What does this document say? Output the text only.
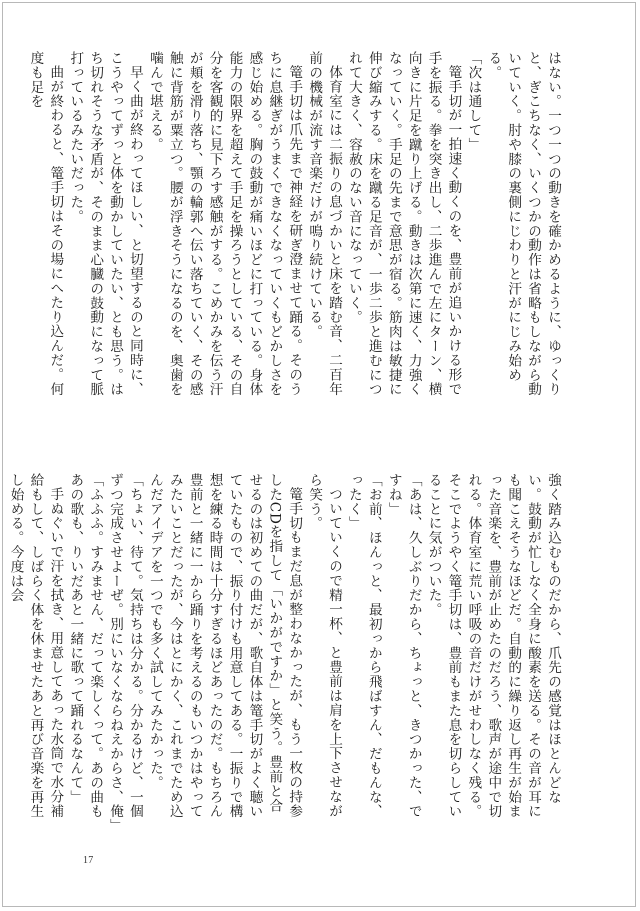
はない。一つ一つの動きを確かめるように、ゆっくりと、ぎこちなく、いくつかの動作は省略もしながら動いていく。肘や膝の裏側にじわりと汗がにじみ始める。

「次は通して」

篭手切が一拍速く動くのを、豊前が追いかける形で手を振る。拳を突き出し、二歩進んで左にターン、横向きに片足を蹴り上げる。動きは次第に速く、力強くなっていく。手足の先まで意思が宿る。筋肉は敏捷に伸び縮みする。床を蹴る足音が、一歩二歩と進むにつれて大きく、容赦のない音になっていく。

体育室には二振りの息づかいと床を踏む音、二百年前の機械が流す音楽だけが鳴り続けている。

篭手切は爪先まで神経を研ぎ澄ませて踊る。そのうちに息継ぎがうまくできなくなっていくもどかしさを感じ始める。胸の鼓動が痛いほどに打っている。身体能力の限界を超えて手足を操ろうとしている、その自分を客観的に見下ろす感触がする。こめかみを伝う汗が頬を滑り落ち、顎の輪郭へ伝い落ちていく、その感触に背筋が粟立つ。腰が浮きそうになるのを、奥歯を噛んで堪える。

早く曲が終わってほしい、と切望するのと同時に、こうやってずっと体を動かしていたい、とも思う。はち切れそうな矛盾が、そのまま心臓の鼓動になって脈打っているみたいだった。

曲が終わると、篭手切はその場にへたり込んだ。何度も足を

強く踏み込むものだから、爪先の感覚はほとんどない。鼓動が忙しなく全身に酸素を送る。その音が耳にも聞こえそうなほどだ。自動的に繰り返し再生が始まった音楽を、豊前が止めたのだろう、歌声が途中で切れる。体育室に荒い呼吸の音だけがせわしなく残る。そこでようやく篭手切は、豊前もまた息を切らしていることに気がついた。

「あは、久しぶりだから、ちょっと、きつかった、ですね」

「お前、ほんっと、最初っから飛ばすん、だもんな、ったく」

ついていくので精一杯、と豊前は肩を上下させながら笑う。

篭手切もまだ息が整わなかったが、もう一枚の持参したCDを指して「いかがですか」と笑う。豊前と合せるのは初めての曲だが、歌自体は篭手切がよく聴いていたもので、振り付けも用意してある。一振りで構想を練る時間は十分すぎるほどあったのだ。もちろん豊前と一緒に一から踊りを考えるのもいつかはやってみたいことだったが、今はとにかく、これまでため込んだアイデアを一つでも多く試してみたかった。

「ちょい、待て。気持ちは分かる。分かるけど、一個ずつ完成させよーぜ。別にいなくならねえからさ、俺」

「ふふふ。すみません、だって楽しくって。あの曲もあの歌も、りいだあと一緒に歌って踊れるなんて」

手ぬぐいで汗を拭き、用意してあった水筒で水分補給もして、しばらく体を休ませたあと再び音楽を再生し始める。今度は会

17
